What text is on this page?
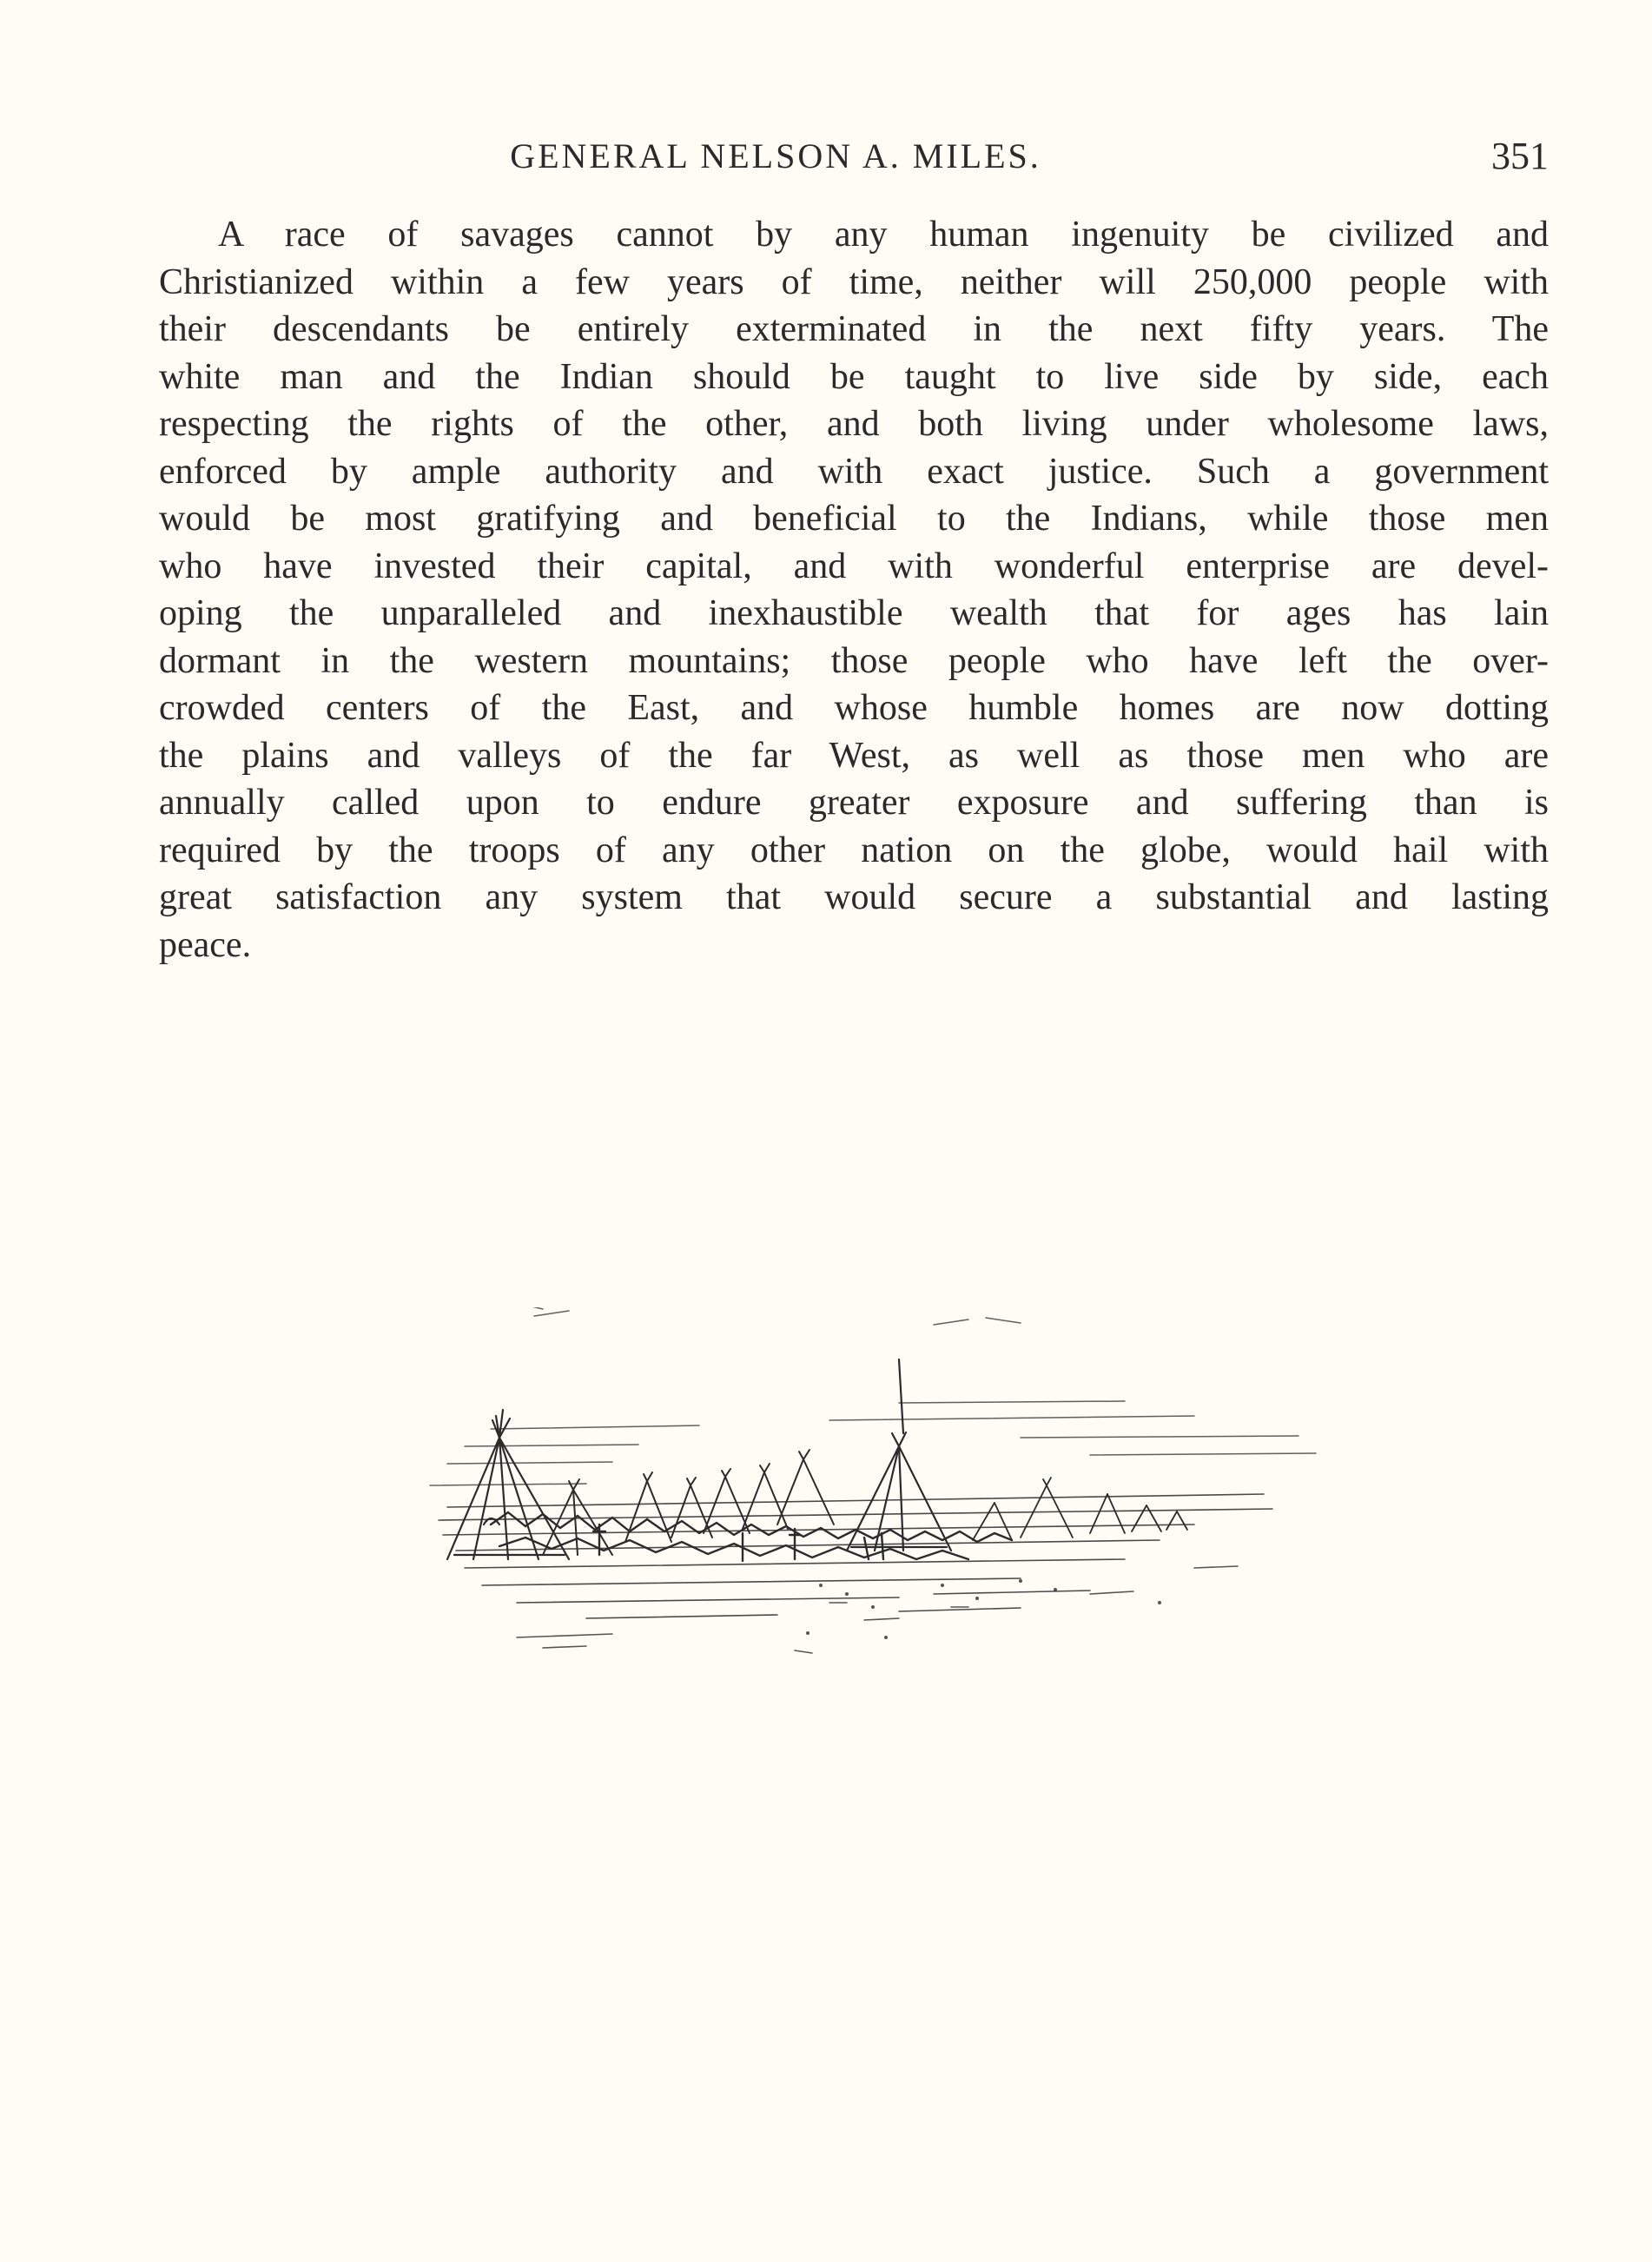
GENERAL NELSON A. MILES.	351
A race of savages cannot by any human ingenuity be civilized and
Christianized within a few years of time, neither will 250,000 people with
their descendants be entirely exterminated in the next fifty years. The
white man and the Indian should be taught to live side by side, each
respecting the rights of the other, and both living under wholesome laws,
enforced by ample authority and with exact justice. Such a government
would be most gratifying and beneficial to the Indians, while those men
who have invested their capital, and with wonderful enterprise are devel-
oping the unparalleled and inexhaustible wealth that for ages has lain
dormant in the western mountains; those people who have left the over-
crowded centers of the East, and whose humble homes are now dotting
the plains and valleys of the far West, as well as those men who are
annually called upon to endure greater exposure and suffering than is
required by the troops of any other nation on the globe, would hail with
great satisfaction any system that would secure a substantial and lasting
peace.
